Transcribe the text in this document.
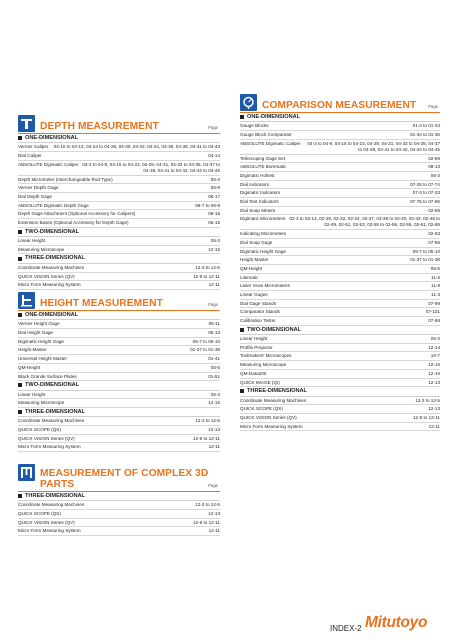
DEPTH MEASUREMENT	Page
ONE-DIMENSIONAL
Vernier Caliper	04-10 to 04-13, 04-24 to 04-28, 04-30, 04-32, 04-34, 04-36, 04-39, 04-41 to 04-43
Dial Caliper	04-14
ABSOLUTE Digimatic Caliper 04-3 to 04-9, 04-15 to 04-23, 04-29, 04-31, 04-33 to 04-35, 04-37 to 04-38, 04-41 to 04-42, 04-44 to 04-45
Depth Micrometer (Interchangeable Rod Type)	06-3
Vernier Depth Gage	06-9
Dial Depth Gage	06-17
ABSOLUTE Digimatic Depth Gage	06-7 to 06-8
Depth Gage Attachment (Optional Accessory for Calipers)	06-16
Extension Bases (Optional Accessory for Depth Gage)	06-15
TWO-DIMENSIONAL
Linear Height	05-3
Measuring Microscope	12-15
THREE-DIMENSIONAL
Coordinate Measuring Machines	12-3 to 12-5
QUICK VISION Series (QV)	12-9 to 12-11
Micro Form Measuring System	12-11
HEIGHT MEASUREMENT	Page
ONE-DIMENSIONAL
Vernier Height Gage	05-11
Dial Height Gage	05-13
Digimatic Height Gage	05-7 to 05-10
Height Master	01-37 to 01-38
Universal Height Master	01-41
QM-Height	05-5
Black Granite Surface Plates	01-51
TWO-DIMENSIONAL
Linear Height	05-3
Measuring Microscope	12-15
THREE-DIMENSIONAL
Coordinate Measuring Machines	12-3 to 12-5
QUICK SCOPE (QS)	12-13
QUICK VISION Series (QV)	12-9 to 12-11
Micro Form Measuring System	12-11
MEASUREMENT OF COMPLEX 3D PARTS	Page
THREE-DIMENSIONAL
Coordinate Measuring Machines	12-3 to 12-5
QUICK SCOPE (QS)	12-13
QUICK VISION Series (QV)	12-9 to 12-11
Micro Form Measuring System	12-11
COMPARISON MEASUREMENT	Page
ONE-DIMENSIONAL
Gauge Blocks	01-3 to 01-33
Gauge Block Comparator	01-34 to 01-35
ABSOLUTE Digimatic Caliper	04-3 to 04-9, 04-15 to 04-23, 04-29, 04-31, 04-33 to 04-35, 04-37 to 04-38, 04-41 to 04-42, 04-44 to 04-45
Telescoping Gage Set	02-69
ABSOLUTE Borematic	08-13
Digimatic Holtest	08-3
Dial Indicators	07-25 to 07-74
Digimatic Indicators	07-3 to 07-23
Dial Test Indicators	07-75 to 07-86
Dial Snap Meters	02-65
Digimatic Micrometers 02-3 to 02-14, 02-29, 02-32, 02-34, 02-37, 02-39 to 02-40, 02-43, 02-46 to 02-49, 02-51, 02-53, 02-55 to 02-56, 02-59, 02-61, 02-68
Indicating Micrometers	02-63
Dial Snap Gage	07-96
Digimatic Height Gage	05-7 to 05-10
Height Master	01-37 to 01-38
QM-Height	05-5
Litematic	11-5
Laser Scan Micrometers	11-8
Linear Gages	11-3
Dial Gage Stands	07-99
Comparator Stands	07-101
Calibration Tester	07-88
TWO-DIMENSIONAL
Linear Height	05-3
Profile Projector	12-14
Toolmakers' Microscopes	10-7
Measuring Microscope	12-15
QM-Data200	12-16
QUICK IMAGE (QI)	12-13
THREE-DIMENSIONAL
Coordinate Measuring Machines	12-3 to 12-5
QUICK SCOPE (QS)	12-13
QUICK VISION Series (QV)	12-9 to 12-11
Micro Form Measuring System	12-11
INDEX-2 Mitutoyo
